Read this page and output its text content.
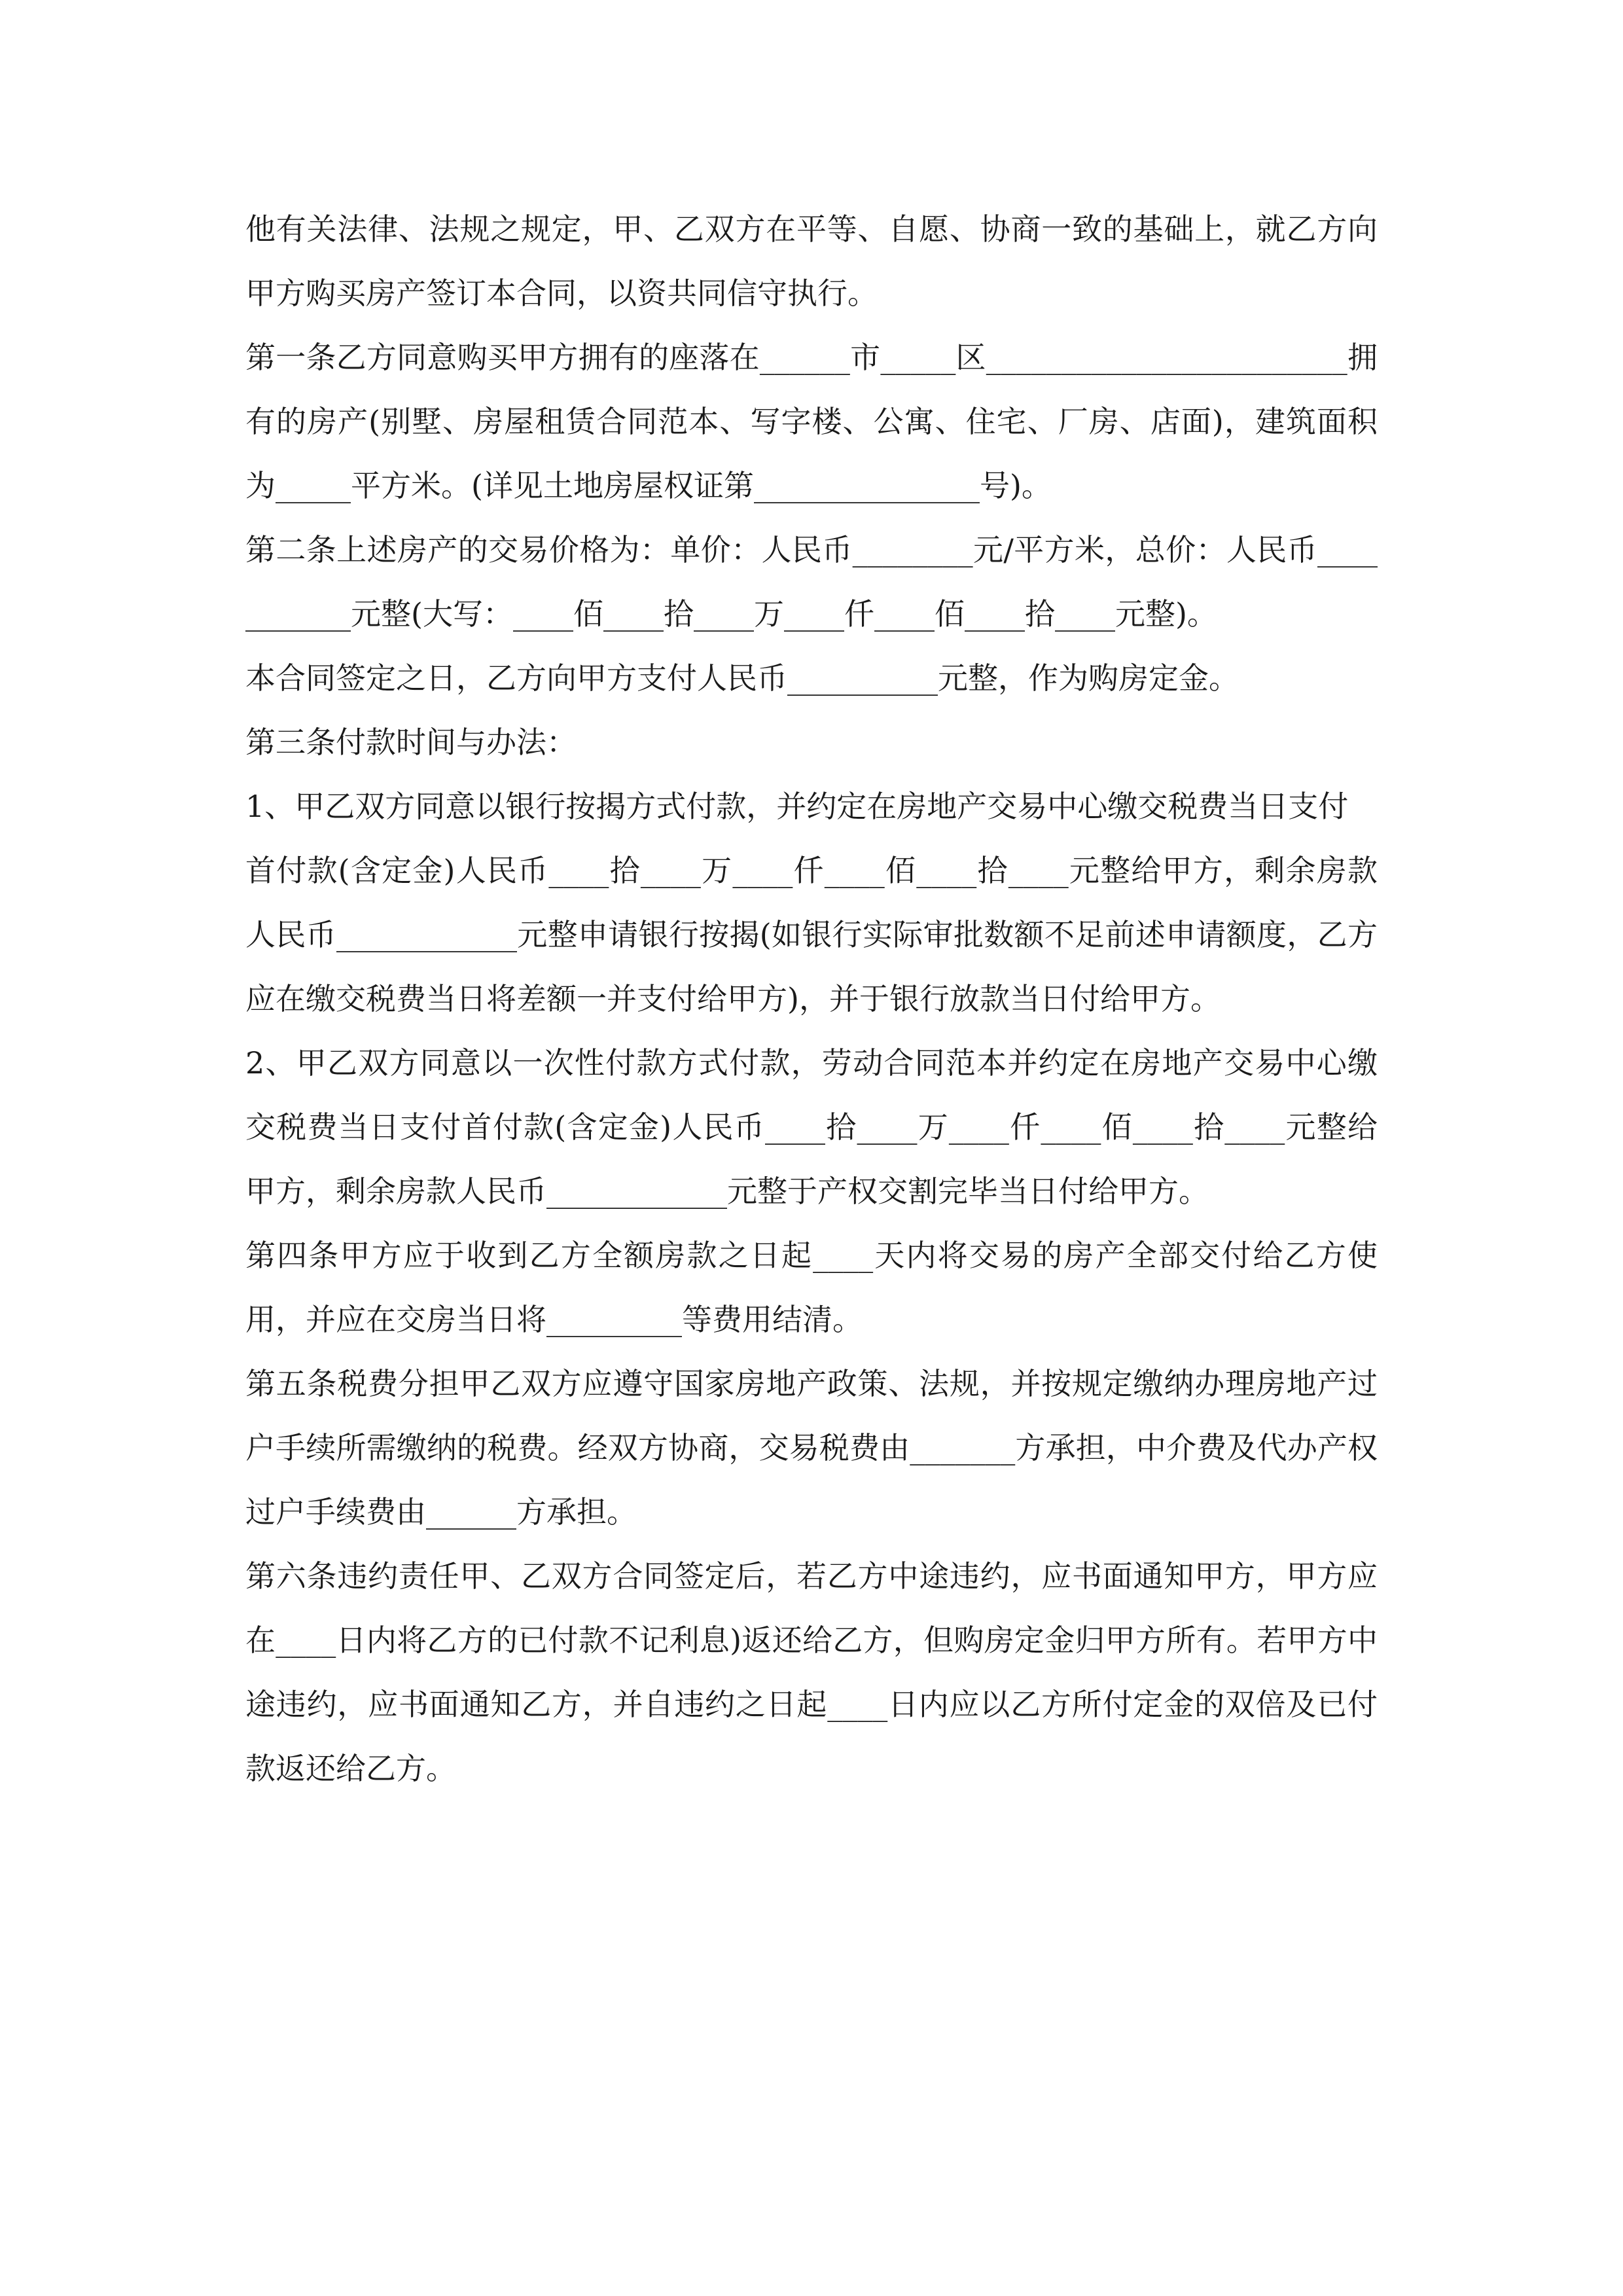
他有关法律、法规之规定，甲、乙双方在平等、自愿、协商一致的基础上，就乙方向甲方购买房产签订本合同，以资共同信守执行。

第一条乙方同意购买甲方拥有的座落在______市_____区________________________拥有的房产(别墅、房屋租赁合同范本、写字楼、公寓、住宅、厂房、店面)，建筑面积为_____平方米。(详见土地房屋权证第_______________号)。

第二条上述房产的交易价格为：单价：人民币________元/平方米，总价：人民币___________元整(大写：____佰____拾____万____仟____佰____拾____元整)。

本合同签定之日，乙方向甲方支付人民币__________元整，作为购房定金。

第三条付款时间与办法：

1、甲乙双方同意以银行按揭方式付款，并约定在房地产交易中心缴交税费当日支付

首付款(含定金)人民币____拾____万____仟____佰____拾____元整给甲方，剩余房款人民币____________元整申请银行按揭(如银行实际审批数额不足前述申请额度，乙方应在缴交税费当日将差额一并支付给甲方)，并于银行放款当日付给甲方。

2、甲乙双方同意以一次性付款方式付款，劳动合同范本并约定在房地产交易中心缴交税费当日支付首付款(含定金)人民币____拾____万____仟____佰____拾____元整给甲方，剩余房款人民币____________元整于产权交割完毕当日付给甲方。

第四条甲方应于收到乙方全额房款之日起____天内将交易的房产全部交付给乙方使用，并应在交房当日将_________等费用结清。

第五条税费分担甲乙双方应遵守国家房地产政策、法规，并按规定缴纳办理房地产过户手续所需缴纳的税费。经双方协商，交易税费由_______方承担，中介费及代办产权过户手续费由______方承担。

第六条违约责任甲、乙双方合同签定后，若乙方中途违约，应书面通知甲方，甲方应在____日内将乙方的已付款不记利息)返还给乙方，但购房定金归甲方所有。若甲方中途违约，应书面通知乙方，并自违约之日起____日内应以乙方所付定金的双倍及已付款返还给乙方。
